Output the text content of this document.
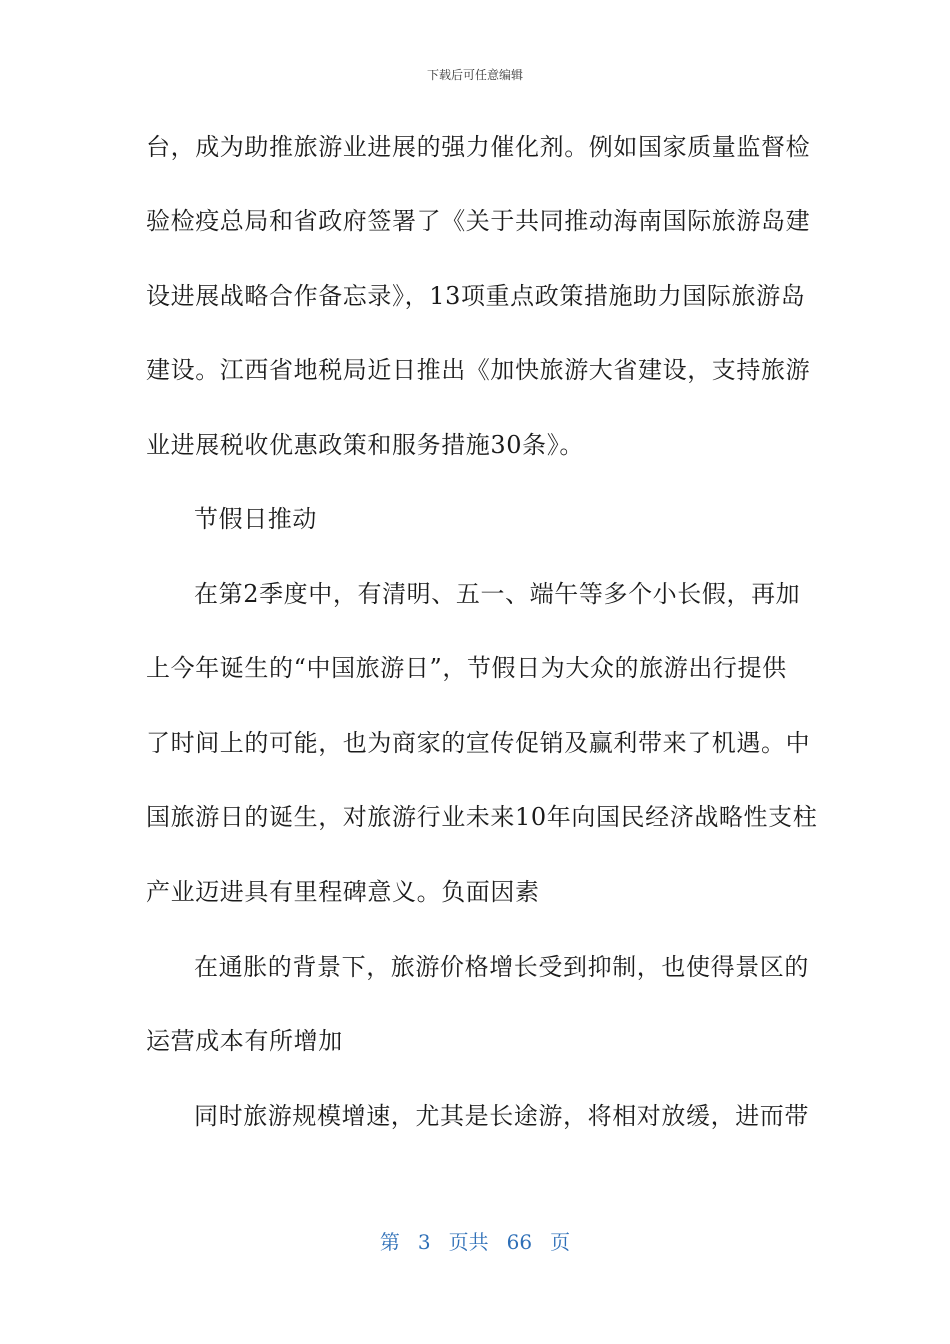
下载后可任意编辑
台，成为助推旅游业进展的强力催化剂。例如国家质量监督检
验检疫总局和省政府签署了《关于共同推动海南国际旅游岛建
设进展战略合作备忘录》，13项重点政策措施助力国际旅游岛
建设。江西省地税局近日推出《加快旅游大省建设，支持旅游
业进展税收优惠政策和服务措施30条》。
节假日推动
在第2季度中，有清明、五一、端午等多个小长假，再加
上今年诞生的“中国旅游日”，节假日为大众的旅游出行提供
了时间上的可能，也为商家的宣传促销及赢利带来了机遇。中
国旅游日的诞生，对旅游行业未来10年向国民经济战略性支柱
产业迈进具有里程碑意义。负面因素
在通胀的背景下，旅游价格增长受到抑制，也使得景区的
运营成本有所增加
同时旅游规模增速，尤其是长途游，将相对放缓，进而带
第 3 页共 66 页
